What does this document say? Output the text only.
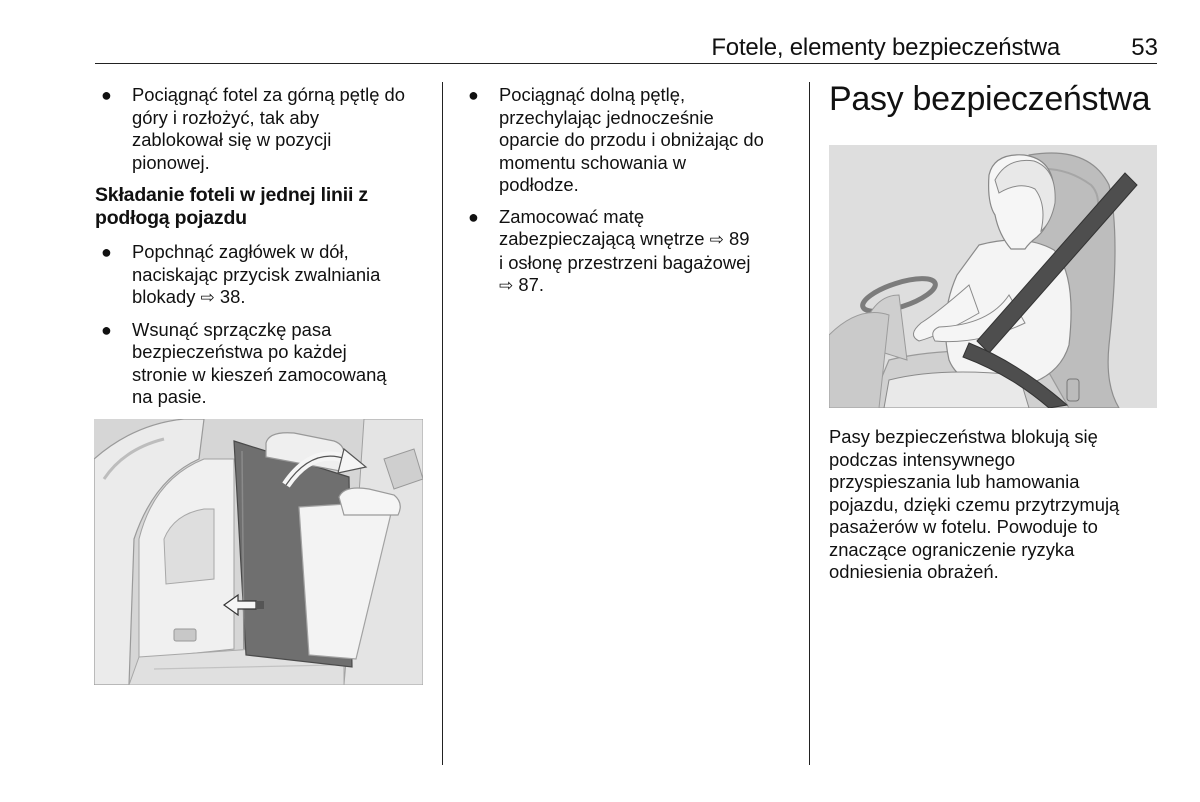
Fotele, elementy bezpieczeństwa	53
● Pociągnąć fotel za górną pętlę do
góry i rozłożyć, tak aby
zablokował się w pozycji
pionowej.
Składanie foteli w jednej linii z
podłogą pojazdu
● Popchnąć zagłówek w dół,
naciskając przycisk zwalniania
blokady ⇨ 38.
● Wsunąć sprzączkę pasa
bezpieczeństwa po każdej
stronie w kieszeń zamocowaną
na pasie.
● Pociągnąć dolną pętlę,
przechylając jednocześnie
oparcie do przodu i obniżając do
momentu schowania w
podłodze.
● Zamocować matę
zabezpieczającą wnętrze ⇨ 89
i osłonę przestrzeni bagażowej
⇨ 87.
Pasy bezpieczeństwa
Pasy bezpieczeństwa blokują się
podczas intensywnego
przyspieszania lub hamowania
pojazdu, dzięki czemu przytrzymują
pasażerów w fotelu. Powoduje to
znaczące ograniczenie ryzyka
odniesienia obrażeń.
